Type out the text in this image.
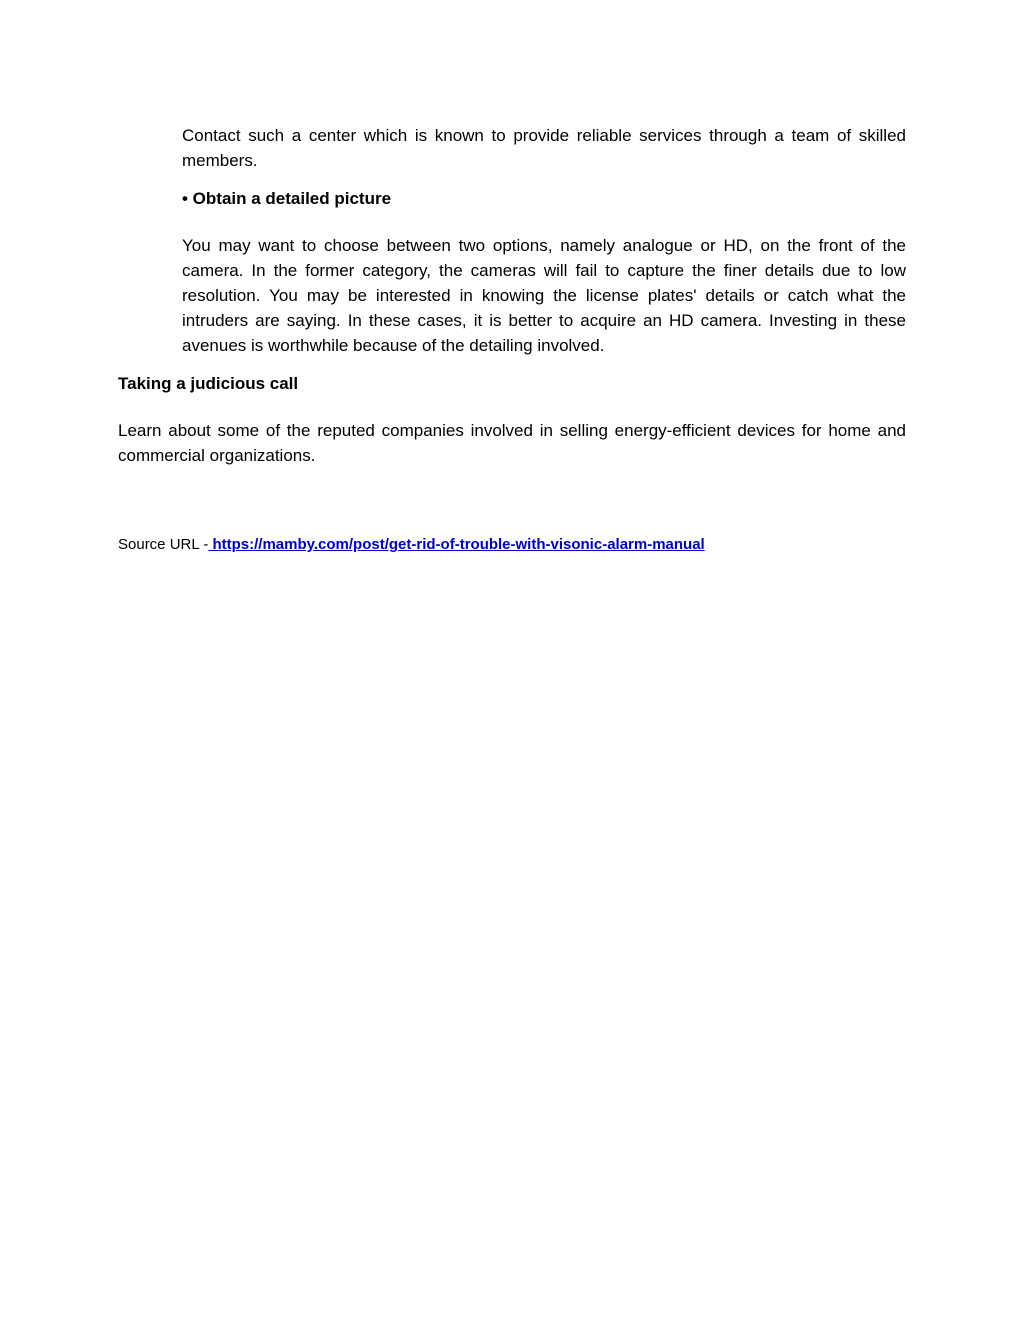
Contact such a center which is known to provide reliable services through a team of skilled members.

• Obtain a detailed picture

You may want to choose between two options, namely analogue or HD, on the front of the camera. In the former category, the cameras will fail to capture the finer details due to low resolution. You may be interested in knowing the license plates' details or catch what the intruders are saying. In these cases, it is better to acquire an HD camera. Investing in these avenues is worthwhile because of the detailing involved.

Taking a judicious call

Learn about some of the reputed companies involved in selling energy-efficient devices for home and commercial organizations.

Source URL - https://mamby.com/post/get-rid-of-trouble-with-visonic-alarm-manual
